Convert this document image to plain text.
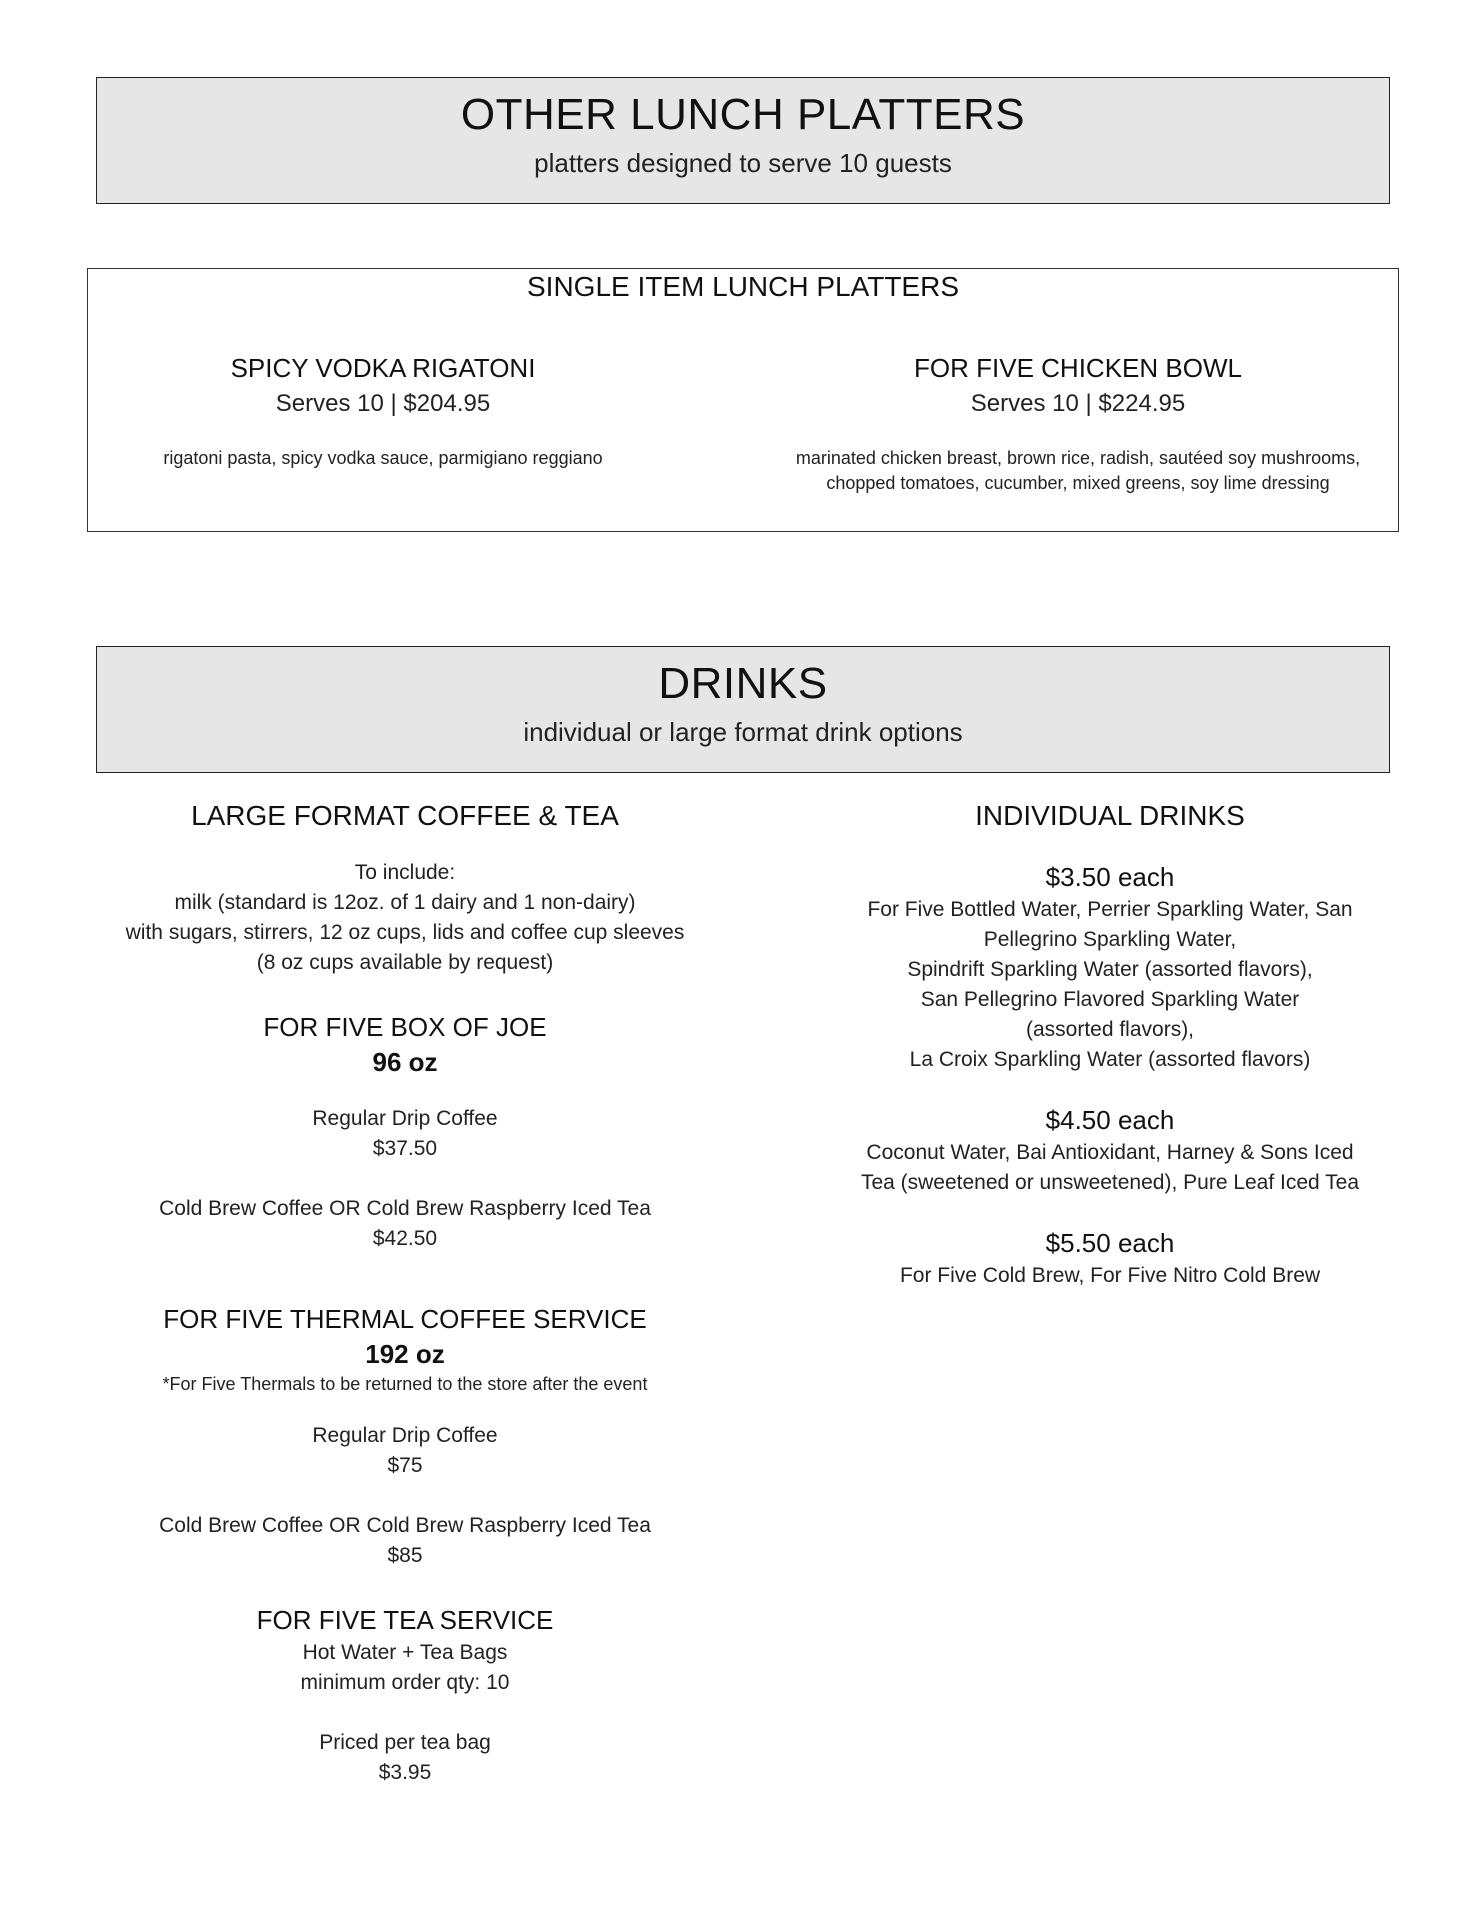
OTHER LUNCH PLATTERS
platters designed to serve 10 guests
SINGLE ITEM LUNCH PLATTERS
SPICY VODKA RIGATONI
Serves 10 | $204.95
rigatoni pasta, spicy vodka sauce, parmigiano reggiano
FOR FIVE CHICKEN BOWL
Serves 10 | $224.95
marinated chicken breast, brown rice, radish, sautéed soy mushrooms,
chopped tomatoes, cucumber, mixed greens, soy lime dressing
DRINKS
individual or large format drink options
LARGE FORMAT COFFEE & TEA
To include:
milk (standard is 12oz. of 1 dairy and 1 non-dairy)
with sugars, stirrers, 12 oz cups, lids and coffee cup sleeves
(8 oz cups available by request)
FOR FIVE BOX OF JOE
96 oz
Regular Drip Coffee
$37.50
Cold Brew Coffee OR Cold Brew Raspberry Iced Tea
$42.50
FOR FIVE THERMAL COFFEE SERVICE
192 oz
*For Five Thermals to be returned to the store after the event
Regular Drip Coffee
$75
Cold Brew Coffee OR Cold Brew Raspberry Iced Tea
$85
FOR FIVE TEA SERVICE
Hot Water + Tea Bags
minimum order qty: 10
Priced per tea bag
$3.95
INDIVIDUAL DRINKS
$3.50 each
For Five Bottled Water, Perrier Sparkling Water, San
Pellegrino Sparkling Water,
Spindrift Sparkling Water (assorted flavors),
San Pellegrino Flavored Sparkling Water
(assorted flavors),
La Croix Sparkling Water (assorted flavors)
$4.50 each
Coconut Water, Bai Antioxidant, Harney & Sons Iced
Tea (sweetened or unsweetened), Pure Leaf Iced Tea
$5.50 each
For Five Cold Brew, For Five Nitro Cold Brew
